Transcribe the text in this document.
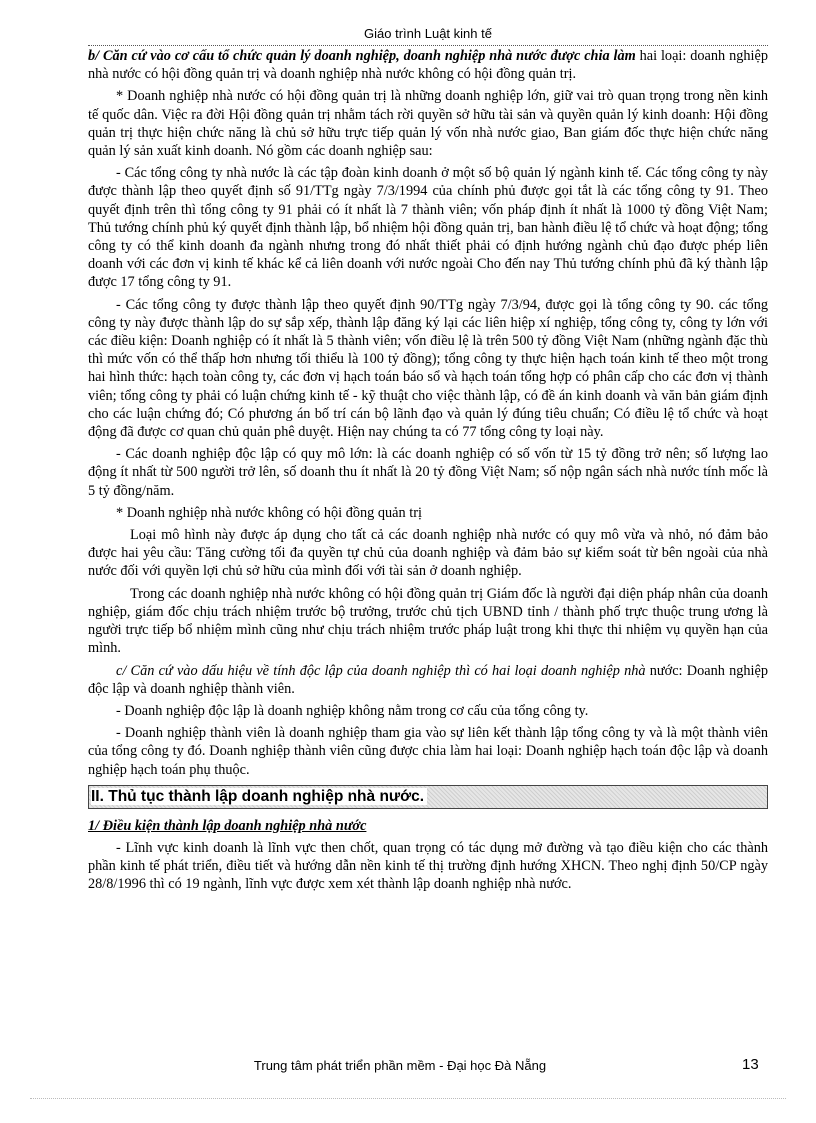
Giáo trình Luật kinh tế

b/ Căn cứ vào cơ cấu tổ chức quản lý doanh nghiệp, doanh nghiệp nhà nước được chia làm hai loại: doanh nghiệp nhà nước có hội đồng quản trị và doanh nghiệp nhà nước không có hội đồng quản trị.

* Doanh nghiệp nhà nước có hội đồng quản trị là những doanh nghiệp lớn, giữ vai trò quan trọng trong nền kinh tế quốc dân. Việc ra đời Hội đồng quản trị nhằm tách rời quyền sở hữu tài sản và quyền quản lý kinh doanh: Hội đồng quản trị thực hiện chức năng là chủ sở hữu trực tiếp quản lý vốn nhà nước giao, Ban giám đốc thực hiện chức năng quản lý sản xuất kinh doanh. Nó gồm các doanh nghiệp sau:

- Các tổng công ty nhà nước là các tập đoàn kinh doanh ở một số bộ quản lý ngành kinh tế. Các tổng công ty này được thành lập theo quyết định số 91/TTg ngày 7/3/1994 của chính phủ được gọi tắt là các tổng công ty 91. Theo quyết định trên thì tổng công ty 91 phải có ít nhất là 7 thành viên; vốn pháp định ít nhất là 1000 tỷ đồng Việt Nam; Thủ tướng chính phủ ký quyết định thành lập, bổ nhiệm hội đồng quản trị, ban hành điều lệ tổ chức và hoạt động; tổng công ty có thể kinh doanh đa ngành nhưng trong đó nhất thiết phải có định hướng ngành chủ đạo được phép liên doanh với các đơn vị kinh tế khác kể cả liên doanh với nước ngoài Cho đến nay Thủ tướng chính phủ đã ký thành lập được 17 tổng công ty 91.

- Các tổng công ty được thành lập theo quyết định 90/TTg ngày 7/3/94, được gọi là tổng công ty 90. các tổng công ty này được thành lập do sự sắp xếp, thành lập đăng ký lại các liên hiệp xí nghiệp, tổng công ty, công ty lớn với các điều kiện: Doanh nghiệp có ít nhất là 5 thành viên; vốn điều lệ là trên 500 tỷ đồng Việt Nam (những ngành đặc thù thì mức vốn có thể thấp hơn nhưng tối thiểu là 100 tỷ đồng); tổng công ty thực hiện hạch toán kinh tế theo một trong hai hình thức: hạch toàn công ty, các đơn vị hạch toán báo sổ và hạch toán tổng hợp có phân cấp cho các đơn vị thành viên; tổng công ty phải có luận chứng kinh tế - kỹ thuật cho việc thành lập, có đề án kinh doanh và văn bản giám định cho các luận chứng đó; Có phương án bố trí cán bộ lãnh đạo và quản lý đúng tiêu chuẩn; Có điều lệ tổ chức và hoạt động đã được cơ quan chủ quản phê duyệt. Hiện nay chúng ta có 77 tổng công ty loại này.

- Các doanh nghiệp độc lập có quy mô lớn: là các doanh nghiệp có số vốn từ 15 tỷ đồng trở nên; số lượng lao động ít nhất từ 500 người trở lên, số doanh thu ít nhất là 20 tỷ đồng Việt Nam; số nộp ngân sách nhà nước tính mốc là 5 tỷ đồng/năm.

* Doanh nghiệp nhà nước không có hội đồng quản trị

Loại mô hình này được áp dụng cho tất cả các doanh nghiệp nhà nước có quy mô vừa và nhỏ, nó đảm bảo được hai yêu cầu: Tăng cường tối đa quyền tự chủ của doanh nghiệp và đảm bảo sự kiểm soát từ bên ngoài của nhà nước đối với quyền lợi chủ sở hữu của mình đối với tài sản ở doanh nghiệp.

Trong các doanh nghiệp nhà nước không có hội đồng quản trị Giám đốc là người đại diện pháp nhân của doanh nghiệp, giám đốc chịu trách nhiệm trước bộ trưởng, trước chủ tịch UBND tỉnh / thành phố trực thuộc trung ương là người trực tiếp bổ nhiệm mình cũng như chịu trách nhiệm trước pháp luật trong khi thực thi nhiệm vụ quyền hạn của mình.

c/ Căn cứ vào dấu hiệu về tính độc lập của doanh nghiệp thì có hai loại doanh nghiệp nhà nước: Doanh nghiệp độc lập và doanh nghiệp thành viên.

- Doanh nghiệp độc lập là doanh nghiệp không nằm trong cơ cấu của tổng công ty.

- Doanh nghiệp thành viên là doanh nghiệp tham gia vào sự liên kết thành lập tổng công ty và là một thành viên của tổng công ty đó. Doanh nghiệp thành viên cũng được chia làm hai loại: Doanh nghiệp hạch toán độc lập và doanh nghiệp hạch toán phụ thuộc.

II. Thủ tục thành lập doanh nghiệp nhà nước.

1/ Điều kiện thành lập doanh nghiệp nhà nước

- Lĩnh vực kinh doanh là lĩnh vực then chốt, quan trọng có tác dụng mở đường và tạo điều kiện cho các thành phần kinh tế phát triển, điều tiết và hướng dẫn nền kinh tế thị trường định hướng XHCN. Theo nghị định 50/CP ngày 28/8/1996 thì có 19 ngành, lĩnh vực được xem xét thành lập doanh nghiệp nhà nước.

Trung tâm phát triển phần mềm - Đại học Đà Nẵng	13
